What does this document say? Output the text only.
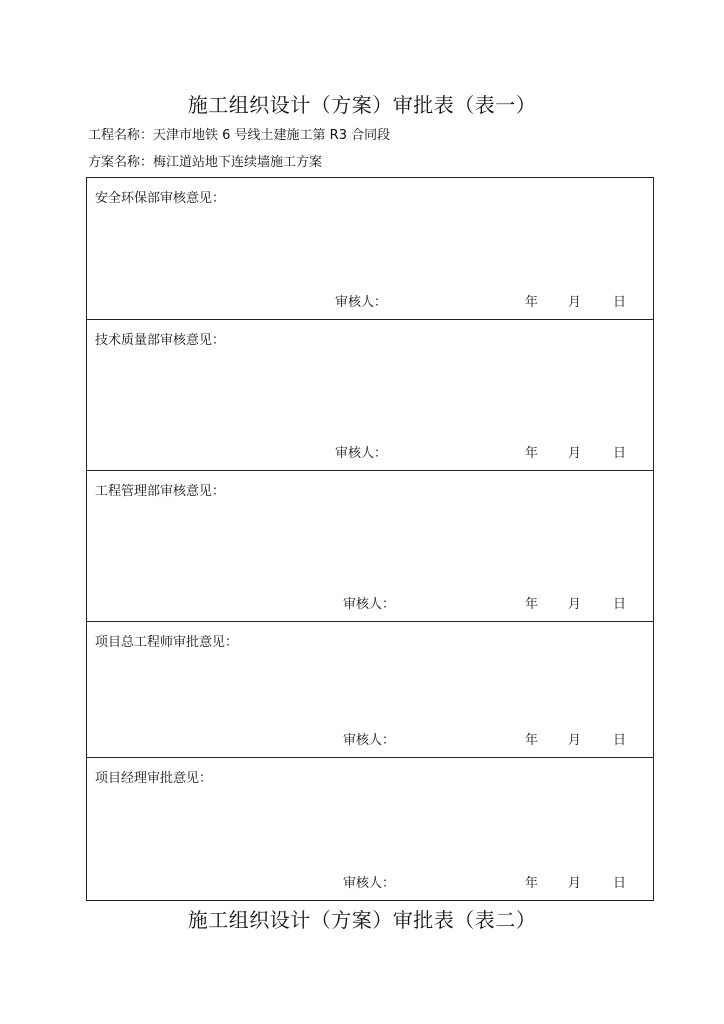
施工组织设计（方案）审批表（表一）
工程名称：天津市地铁 6 号线土建施工第 R3 合同段
方案名称：梅江道站地下连续墙施工方案
安全环保部审核意见：
审核人：	年 月 日
技术质量部审核意见：
审核人：	年 月 日
工程管理部审核意见：
审核人：	年 月 日
项目总工程师审批意见：
审核人：	年 月 日
项目经理审批意见：
审核人：	年 月 日
施工组织设计（方案）审批表（表二）
